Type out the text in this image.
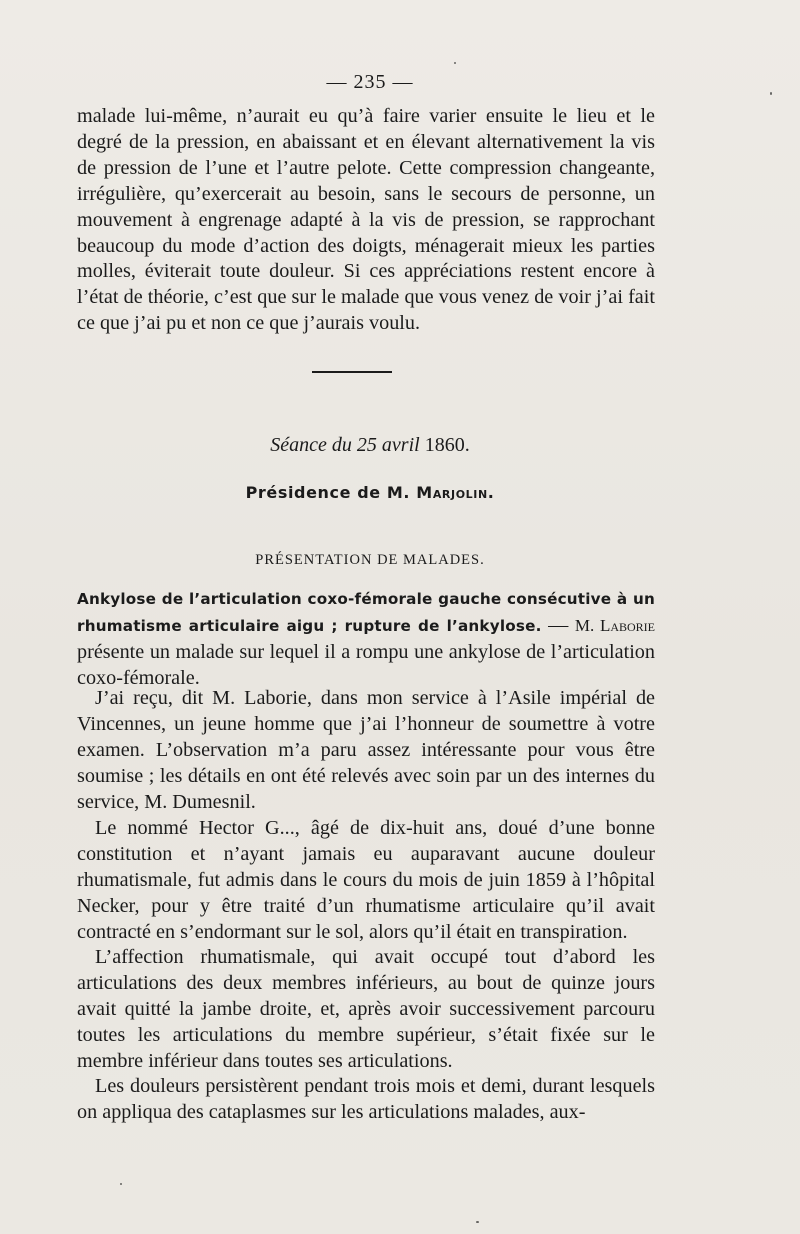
— 235 —

malade lui-même, n’aurait eu qu’à faire varier ensuite le lieu et le degré de la pression, en abaissant et en élevant alternativement la vis de pression de l’une et l’autre pelote. Cette compression changeante, irrégulière, qu’exercerait au besoin, sans le secours de personne, un mouvement à engrenage adapté à la vis de pression, se rapprochant beaucoup du mode d’action des doigts, ménagerait mieux les parties molles, éviterait toute douleur. Si ces appréciations restent encore à l’état de théorie, c’est que sur le malade que vous venez de voir j’ai fait ce que j’ai pu et non ce que j’aurais voulu.

Séance du 25 avril 1860.
Présidence de M. Marjolin.
PRÉSENTATION DE MALADES.

Ankylose de l’articulation coxo-fémorale gauche consécutive à un rhumatisme articulaire aigu ; rupture de l’ankylose. — M. Laborie présente un malade sur lequel il a rompu une ankylose de l’articulation coxo-fémorale.

J’ai reçu, dit M. Laborie, dans mon service à l’Asile impérial de Vincennes, un jeune homme que j’ai l’honneur de soumettre à votre examen. L’observation m’a paru assez intéressante pour vous être soumise ; les détails en ont été relevés avec soin par un des internes du service, M. Dumesnil.

Le nommé Hector G..., âgé de dix-huit ans, doué d’une bonne constitution et n’ayant jamais eu auparavant aucune douleur rhumatismale, fut admis dans le cours du mois de juin 1859 à l’hôpital Necker, pour y être traité d’un rhumatisme articulaire qu’il avait contracté en s’endormant sur le sol, alors qu’il était en transpiration.

L’affection rhumatismale, qui avait occupé tout d’abord les articulations des deux membres inférieurs, au bout de quinze jours avait quitté la jambe droite, et, après avoir successivement parcouru toutes les articulations du membre supérieur, s’était fixée sur le membre inférieur dans toutes ses articulations.

Les douleurs persistèrent pendant trois mois et demi, durant lesquels on appliqua des cataplasmes sur les articulations malades, aux-
